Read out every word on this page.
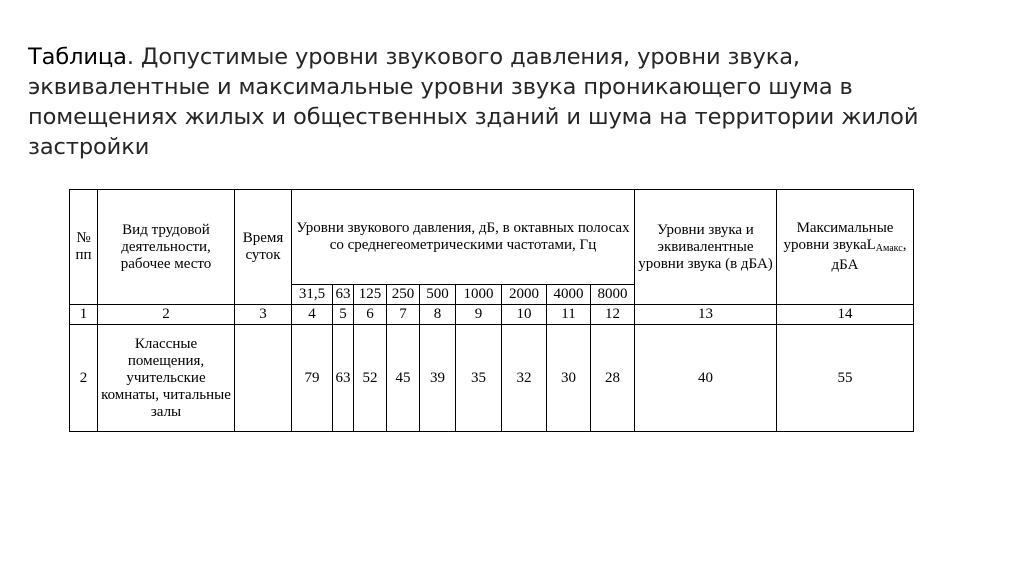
Таблица. Допустимые уровни звукового давления, уровни звука, эквивалентные и максимальные уровни звука проникающего шума в помещениях жилых и общественных зданий и шума на территории жилой застройки
№
пп	Вид трудовой деятельности, рабочее место	Время суток	Уровни звукового давления, дБ, в октавных полосах со среднегеометрическими частотами, Гц									Уровни звука и эквивалентные уровни звука (в дБА)	Максимальные уровни звукаL$_{Амакс}$, дБА
			31,5	63	125	250	500	1000	2000	4000	8000		
1	2	3	4	5	6	7	8	9	10	11	12	13	14
2	Классные помещения, учительские комнаты, читальные залы		79	63	52	45	39	35	32	30	28	40	55
